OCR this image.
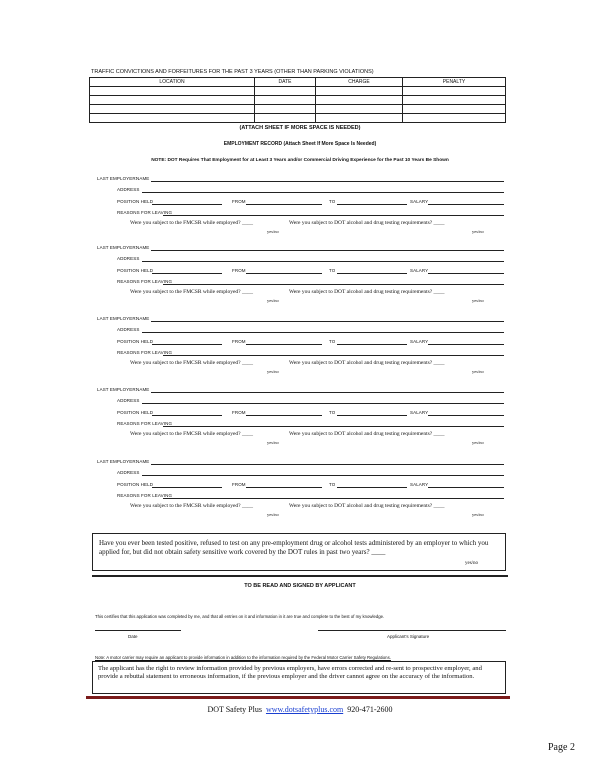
TRAFFIC CONVICTIONS AND FORFEITURES FOR THE PAST 3 YEARS (OTHER THAN PARKING VIOLATIONS)
LOCATION	DATE	CHARGE	PENALTY

(ATTACH SHEET IF MORE SPACE IS NEEDED)
EMPLOYMENT RECORD (Attach Sheet If More Space Is Needed)
NOTE: DOT Requires That Employment for at Least 3 Years and/or Commercial Driving Experience for the Past 10 Years Be Shown
LAST EMPLOYER:
NAME
ADDRESS
POSITION HELD	FROM	TO	SALARY
REASONS FOR LEAVING
Were you subject to the FMCSR while employed? ____	Were you subject to DOT alcohol and drug testing requirements? ____
yes/no	yes/no
LAST EMPLOYER:
NAME
ADDRESS
POSITION HELD	FROM	TO	SALARY
REASONS FOR LEAVING
Were you subject to the FMCSR while employed? ____	Were you subject to DOT alcohol and drug testing requirements? ____
yes/no	yes/no
LAST EMPLOYER:
NAME
ADDRESS
POSITION HELD	FROM	TO	SALARY
REASONS FOR LEAVING
Were you subject to the FMCSR while employed? ____	Were you subject to DOT alcohol and drug testing requirements? ____
yes/no	yes/no
LAST EMPLOYER:
NAME
ADDRESS
POSITION HELD	FROM	TO	SALARY
REASONS FOR LEAVING
Were you subject to the FMCSR while employed? ____	Were you subject to DOT alcohol and drug testing requirements? ____
yes/no	yes/no
LAST EMPLOYER:
NAME
ADDRESS
POSITION HELD	FROM	TO	SALARY
REASONS FOR LEAVING
Were you subject to the FMCSR while employed? ____	Were you subject to DOT alcohol and drug testing requirements? ____
yes/no	yes/no
Have you ever been tested positive, refused to test on any pre-employment drug or alcohol tests administered by an employer to which you applied for, but did not obtain safety sensitive work covered by the DOT rules in past two years? ____
yes/no
TO BE READ AND SIGNED BY APPLICANT
This certifies that this application was completed by me, and that all entries on it and information in it are true and complete to the best of my knowledge.
Date	Applicant's Signature
Note: A motor carrier may require an applicant to provide information in addition to the information required by the Federal Motor Carrier Safety Regulations.
The applicant has the right to review information provided by previous employers, have errors corrected and re-sent to prospective employer, and provide a rebuttal statement to erroneous information, if the previous employer and the driver cannot agree on the accuracy of the information.
DOT Safety Plus www.dotsafetyplus.com 920-471-2600
Page 2
